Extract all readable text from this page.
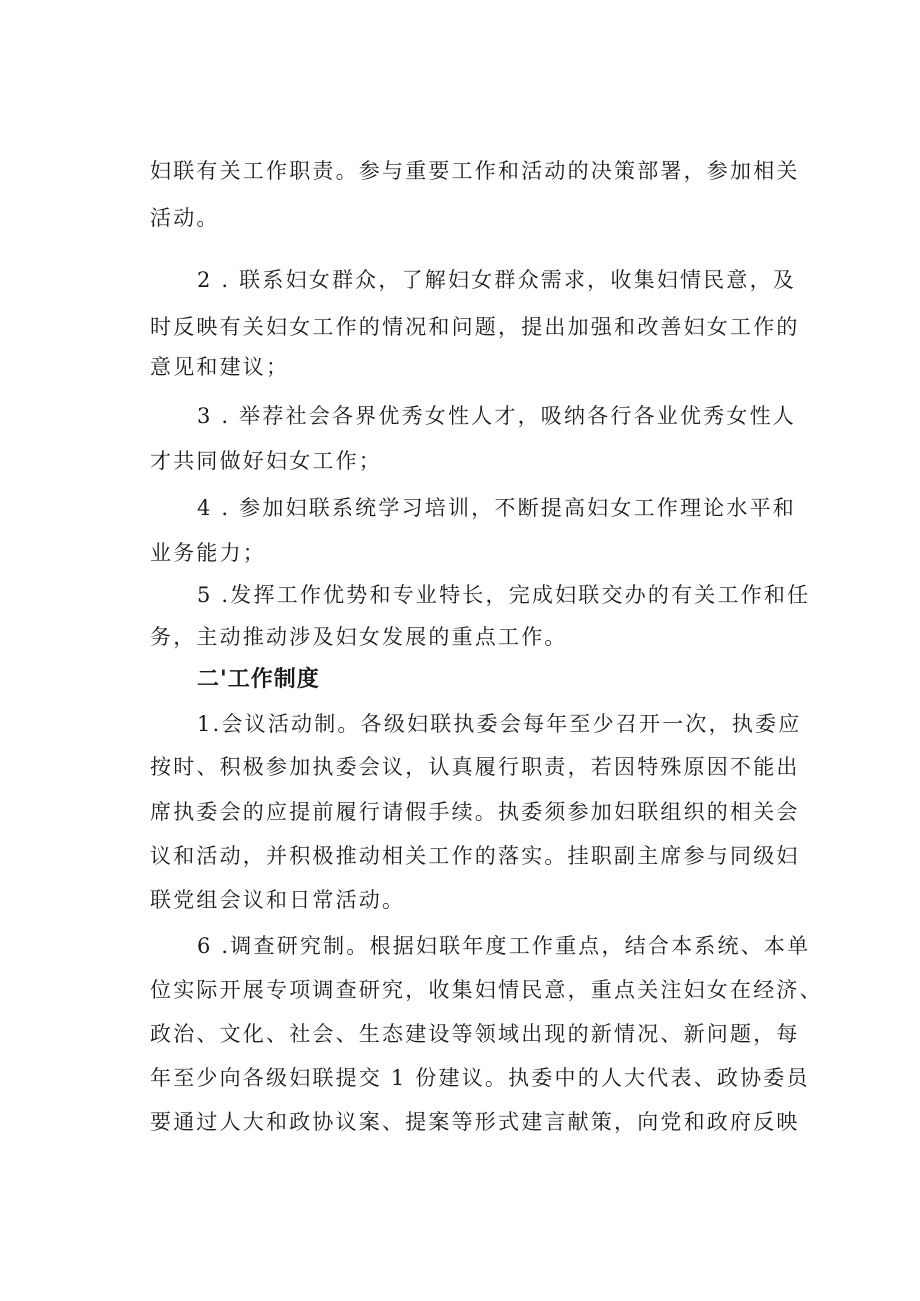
妇联有关工作职责。参与重要工作和活动的决策部署，参加相关
活动。
2 . 联系妇女群众，了解妇女群众需求，收集妇情民意，及
时反映有关妇女工作的情况和问题，提出加强和改善妇女工作的
意见和建议；
3 . 举荐社会各界优秀女性人才，吸纳各行各业优秀女性人
才共同做好妇女工作；
4 . 参加妇联系统学习培训，不断提高妇女工作理论水平和
业务能力；
5 .发挥工作优势和专业特长，完成妇联交办的有关工作和任
务，主动推动涉及妇女发展的重点工作。
二'工作制度
1.会议活动制。各级妇联执委会每年至少召开一次，执委应
按时、积极参加执委会议，认真履行职责，若因特殊原因不能出
席执委会的应提前履行请假手续。执委须参加妇联组织的相关会
议和活动，并积极推动相关工作的落实。挂职副主席参与同级妇
联党组会议和日常活动。
6 .调查研究制。根据妇联年度工作重点，结合本系统、本单
位实际开展专项调查研究，收集妇情民意，重点关注妇女在经济、
政治、文化、社会、生态建设等领域出现的新情况、新问题，每
年至少向各级妇联提交 1 份建议。执委中的人大代表、政协委员
要通过人大和政协议案、提案等形式建言献策，向党和政府反映
